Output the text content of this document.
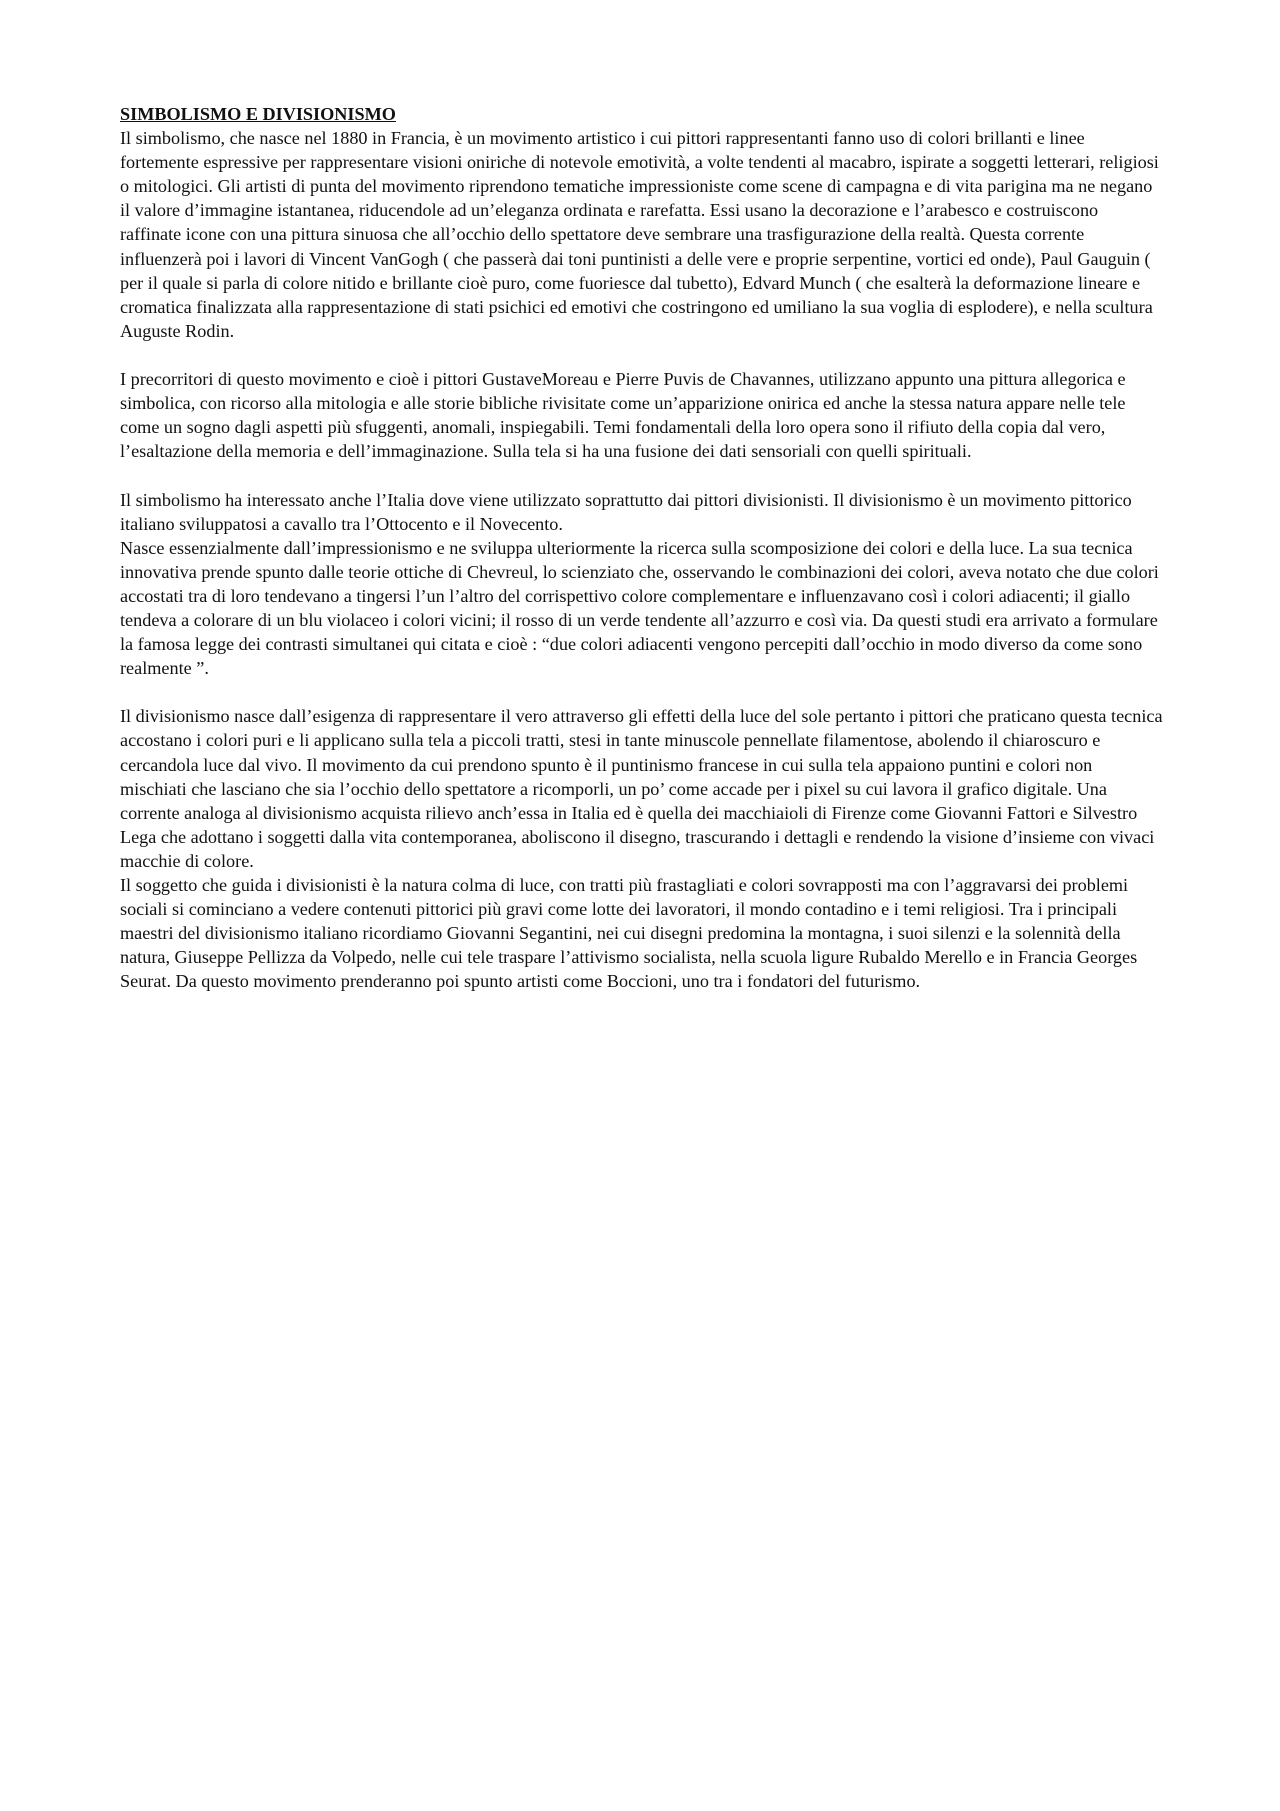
SIMBOLISMO E DIVISIONISMO

Il simbolismo, che nasce nel 1880 in Francia, è un movimento artistico i cui pittori rappresentanti fanno uso di colori brillanti e linee fortemente espressive per rappresentare visioni oniriche di notevole emotività, a volte tendenti al macabro, ispirate a soggetti letterari, religiosi o mitologici. Gli artisti di punta del movimento riprendono tematiche impressioniste come scene di campagna e di vita parigina ma ne negano il valore d’immagine istantanea, riducendole ad un’eleganza ordinata e rarefatta. Essi usano la decorazione e l’arabesco e costruiscono raffinate icone con una pittura sinuosa che all’occhio dello spettatore deve sembrare una trasfigurazione della realtà. Questa corrente influenzerà poi i lavori di Vincent VanGogh ( che passerà dai toni puntinisti a delle vere e proprie serpentine, vortici ed onde), Paul Gauguin ( per il quale si parla di colore nitido e brillante cioè puro, come fuoriesce dal tubetto), Edvard Munch ( che esalterà la deformazione lineare e cromatica finalizzata alla rappresentazione di stati psichici ed emotivi che costringono ed umiliano la sua voglia di esplodere), e nella scultura Auguste Rodin.

I precorritori di questo movimento e cioè i pittori GustaveMoreau e Pierre Puvis de Chavannes, utilizzano appunto una pittura allegorica e simbolica, con ricorso alla mitologia e alle storie bibliche rivisitate come un’apparizione onirica ed anche la stessa natura appare nelle tele come un sogno dagli aspetti più sfuggenti, anomali, inspiegabili. Temi fondamentali della loro opera sono il rifiuto della copia dal vero, l’esaltazione della memoria e dell’immaginazione. Sulla tela si ha una fusione dei dati sensoriali con quelli spirituali.

Il simbolismo ha interessato anche l’Italia dove viene utilizzato soprattutto dai pittori divisionisti. Il divisionismo è un movimento pittorico italiano sviluppatosi a cavallo tra l’Ottocento e il Novecento.

Nasce essenzialmente dall’impressionismo e ne sviluppa ulteriormente la ricerca sulla scomposizione dei colori e della luce. La sua tecnica innovativa prende spunto dalle teorie ottiche di Chevreul, lo scienziato che, osservando le combinazioni dei colori, aveva notato che due colori accostati tra di loro tendevano a tingersi l’un l’altro del corrispettivo colore complementare e influenzavano così i colori adiacenti; il giallo tendeva a colorare di un blu violaceo i colori vicini; il rosso di un verde tendente all’azzurro e così via. Da questi studi era arrivato a formulare la famosa legge dei contrasti simultanei qui citata e cioè : “due colori adiacenti vengono percepiti dall’occhio in modo diverso da come sono realmente ”.

Il divisionismo nasce dall’esigenza di rappresentare il vero attraverso gli effetti della luce del sole pertanto i pittori che praticano questa tecnica accostano i colori puri e li applicano sulla tela a piccoli tratti, stesi in tante minuscole pennellate filamentose, abolendo il chiaroscuro e cercandola luce dal vivo. Il movimento da cui prendono spunto è il puntinismo francese in cui sulla tela appaiono puntini e colori non mischiati che lasciano che sia l’occhio dello spettatore a ricomporli, un po’ come accade per i pixel su cui lavora il grafico digitale. Una corrente analoga al divisionismo acquista rilievo anch’essa in Italia ed è quella dei macchiaioli di Firenze come Giovanni Fattori e Silvestro Lega che adottano i soggetti dalla vita contemporanea, aboliscono il disegno, trascurando i dettagli e rendendo la visione d’insieme con vivaci macchie di colore.

Il soggetto che guida i divisionisti è la natura colma di luce, con tratti più frastagliati e colori sovrapposti ma con l’aggravarsi dei problemi sociali si cominciano a vedere contenuti pittorici più gravi come lotte dei lavoratori, il mondo contadino e i temi religiosi. Tra i principali maestri del divisionismo italiano ricordiamo Giovanni Segantini, nei cui disegni predomina la montagna, i suoi silenzi e la solennità della natura, Giuseppe Pellizza da Volpedo, nelle cui tele traspare l’attivismo socialista, nella scuola ligure Rubaldo Merello e in Francia Georges Seurat. Da questo movimento prenderanno poi spunto artisti come Boccioni, uno tra i fondatori del futurismo.
